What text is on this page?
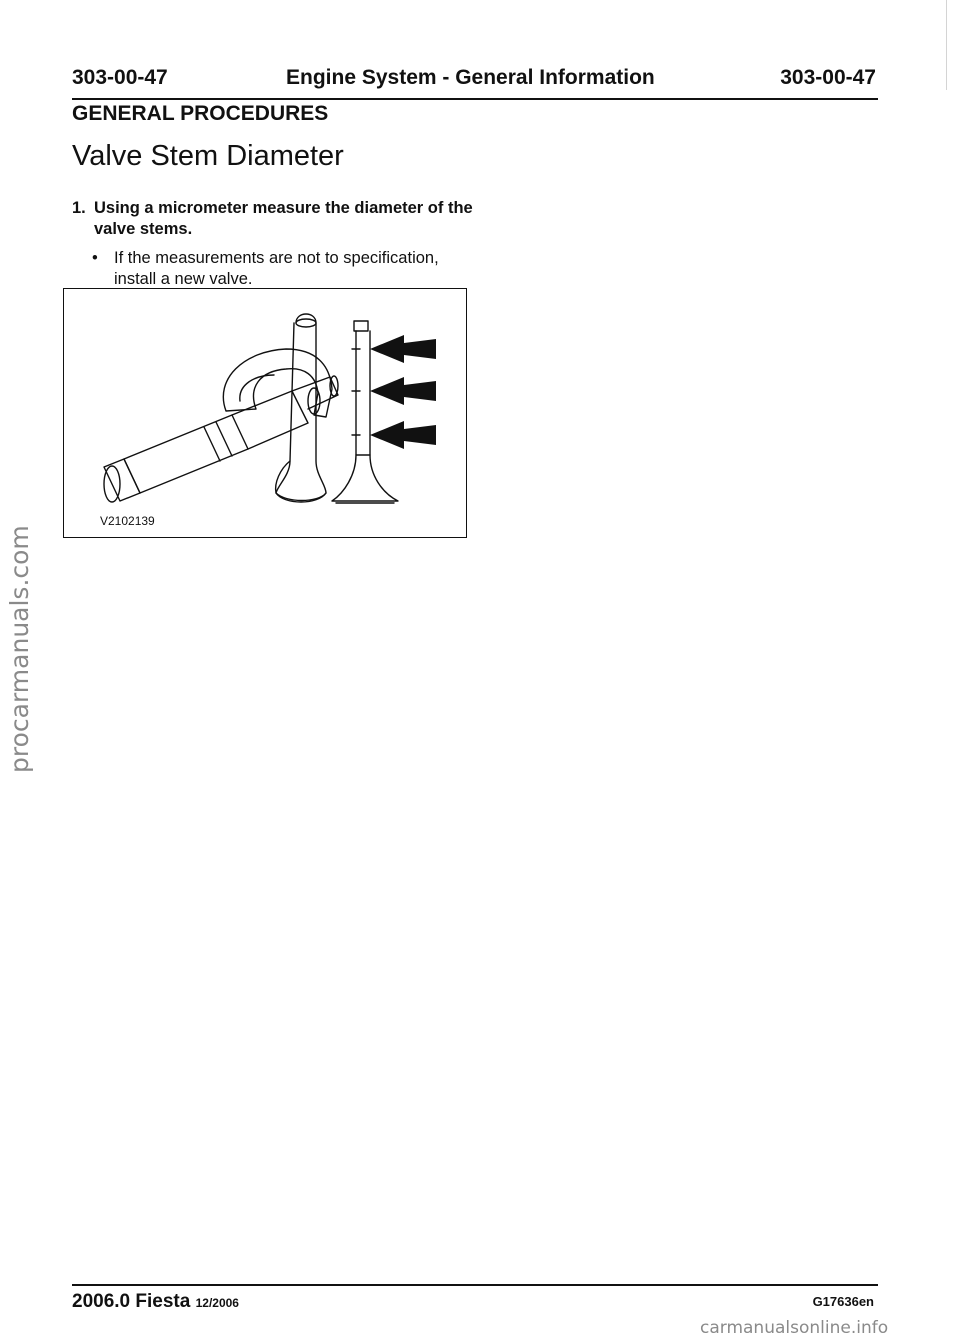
procarmanuals.com
303-00-47	Engine System - General Information	303-00-47
GENERAL PROCEDURES
Valve Stem Diameter
1. Using a micrometer measure the diameter of the valve stems.
• If the measurements are not to specification, install a new valve.
V2102139
2006.0 Fiesta 12/2006	G17636en
carmanualsonline.info
